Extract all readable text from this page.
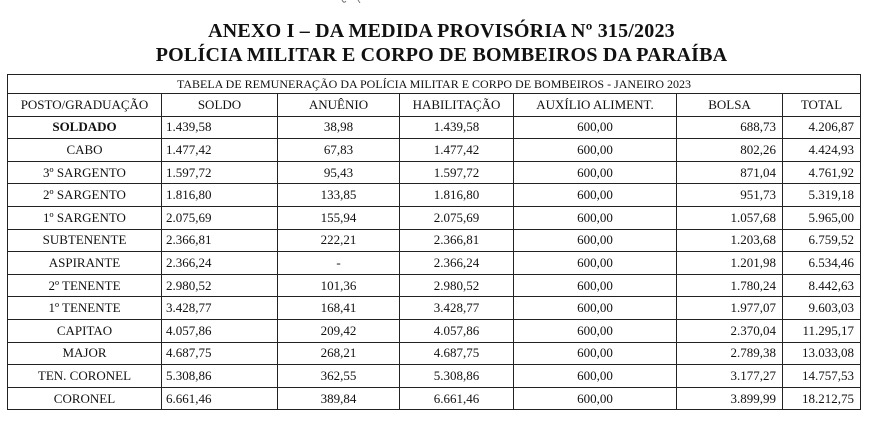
ANEXO I – DA MEDIDA PROVISÓRIA Nº 315/2023
POLÍCIA MILITAR E CORPO DE BOMBEIROS DA PARAÍBA
TABELA DE REMUNERAÇÃO DA POLÍCIA MILITAR E CORPO DE BOMBEIROS - JANEIRO 2023						
POSTO/GRADUAÇÃO	SOLDO	ANUÊNIO	HABILITAÇÃO	AUXÍLIO ALIMENT.	BOLSA	TOTAL
SOLDADO	1.439,58	38,98	1.439,58	600,00	688,73	4.206,87
CABO	1.477,42	67,83	1.477,42	600,00	802,26	4.424,93
3º SARGENTO	1.597,72	95,43	1.597,72	600,00	871,04	4.761,92
2º SARGENTO	1.816,80	133,85	1.816,80	600,00	951,73	5.319,18
1º SARGENTO	2.075,69	155,94	2.075,69	600,00	1.057,68	5.965,00
SUBTENENTE	2.366,81	222,21	2.366,81	600,00	1.203,68	6.759,52
ASPIRANTE	2.366,24	-	2.366,24	600,00	1.201,98	6.534,46
2º TENENTE	2.980,52	101,36	2.980,52	600,00	1.780,24	8.442,63
1º TENENTE	3.428,77	168,41	3.428,77	600,00	1.977,07	9.603,03
CAPITAO	4.057,86	209,42	4.057,86	600,00	2.370,04	11.295,17
MAJOR	4.687,75	268,21	4.687,75	600,00	2.789,38	13.033,08
TEN. CORONEL	5.308,86	362,55	5.308,86	600,00	3.177,27	14.757,53
CORONEL	6.661,46	389,84	6.661,46	600,00	3.899,99	18.212,75
